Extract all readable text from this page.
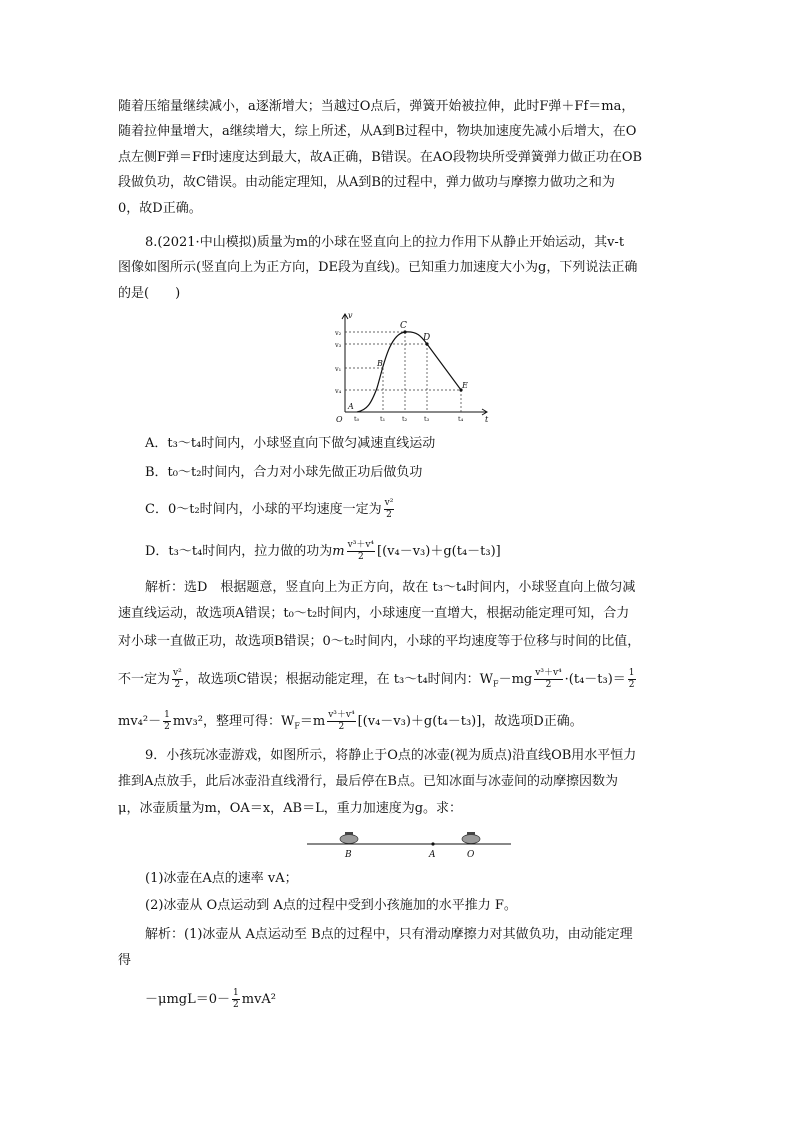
随着压缩量继续减小，a逐渐增大；当越过O点后，弹簧开始被拉伸，此时F弹＋Ff＝ma，
随着拉伸量增大，a继续增大，综上所述，从A到B过程中，物块加速度先减小后增大，在O
点左侧F弹＝Ff时速度达到最大，故A正确，B错误。在AO段物块所受弹簧弹力做正功在OB
段做负功，故C错误。由动能定理知，从A到B的过程中，弹力做功与摩擦力做功之和为
0，故D正确。
8.(2021·中山模拟)质量为m的小球在竖直向上的拉力作用下从静止开始运动，其v-t
图像如图所示(竖直向上为正方向，DE段为直线)。已知重力加速度大小为g，下列说法正确
的是(　　)
v
t
O
A
B
C
D
E
v₂
v₃
v₁
v₄
t₀	t₁	t₂	t₃	t₄
A．t₃～t₄时间内，小球竖直向下做匀减速直线运动
B．t₀～t₂时间内，合力对小球先做正功后做负功
C．0～t₂时间内，小球的平均速度一定为 $\frac{\text{v²}}{2}$
D．t₃～t₄时间内，拉力做的功为m $\frac{\text{v³＋v⁴}}{2} [(v_4-v_3)+g(t_4-t_3)]$
解析：选D　根据题意，竖直向上为正方向，故在 t₃～t₄时间内，小球竖直向上做匀减
速直线运动，故选项A错误；t₀～t₂时间内，小球速度一直增大，根据动能定理可知，合力
对小球一直做正功，故选项B错误；0～t₂时间内，小球的平均速度等于位移与时间的比值，
不一定为 $\frac{\text{v²}}{2}$ ，故选项C错误；根据动能定理，在 t₃～t₄时间内：$W_F-mg \frac{\text{v³＋v⁴}}{2} \cdot(t_4-t_3)= \frac{1}{2}$
$mv_4^2- \frac{1}{2} mv_3^2$，整理可得：$W_F=m \frac{\text{v³＋v⁴}}{2} [(v_4-v_3)+g(t_4-t_3)]$，故选项D正确。
9．小孩玩冰壶游戏，如图所示，将静止于O点的冰壶(视为质点)沿直线OB用水平恒力
推到A点放手，此后冰壶沿直线滑行，最后停在B点。已知冰面与冰壶间的动摩擦因数为
μ，冰壶质量为m，OA＝x，AB＝L，重力加速度为g。求：
B	A	O
(1)冰壶在A点的速率 vA；
(2)冰壶从 O点运动到 A点的过程中受到小孩施加的水平推力 F。
解析：(1)冰壶从 A点运动至 B点的过程中，只有滑动摩擦力对其做负功，由动能定理
得
$-\mu mgL=0- \frac{1}{2} mvA^2$
